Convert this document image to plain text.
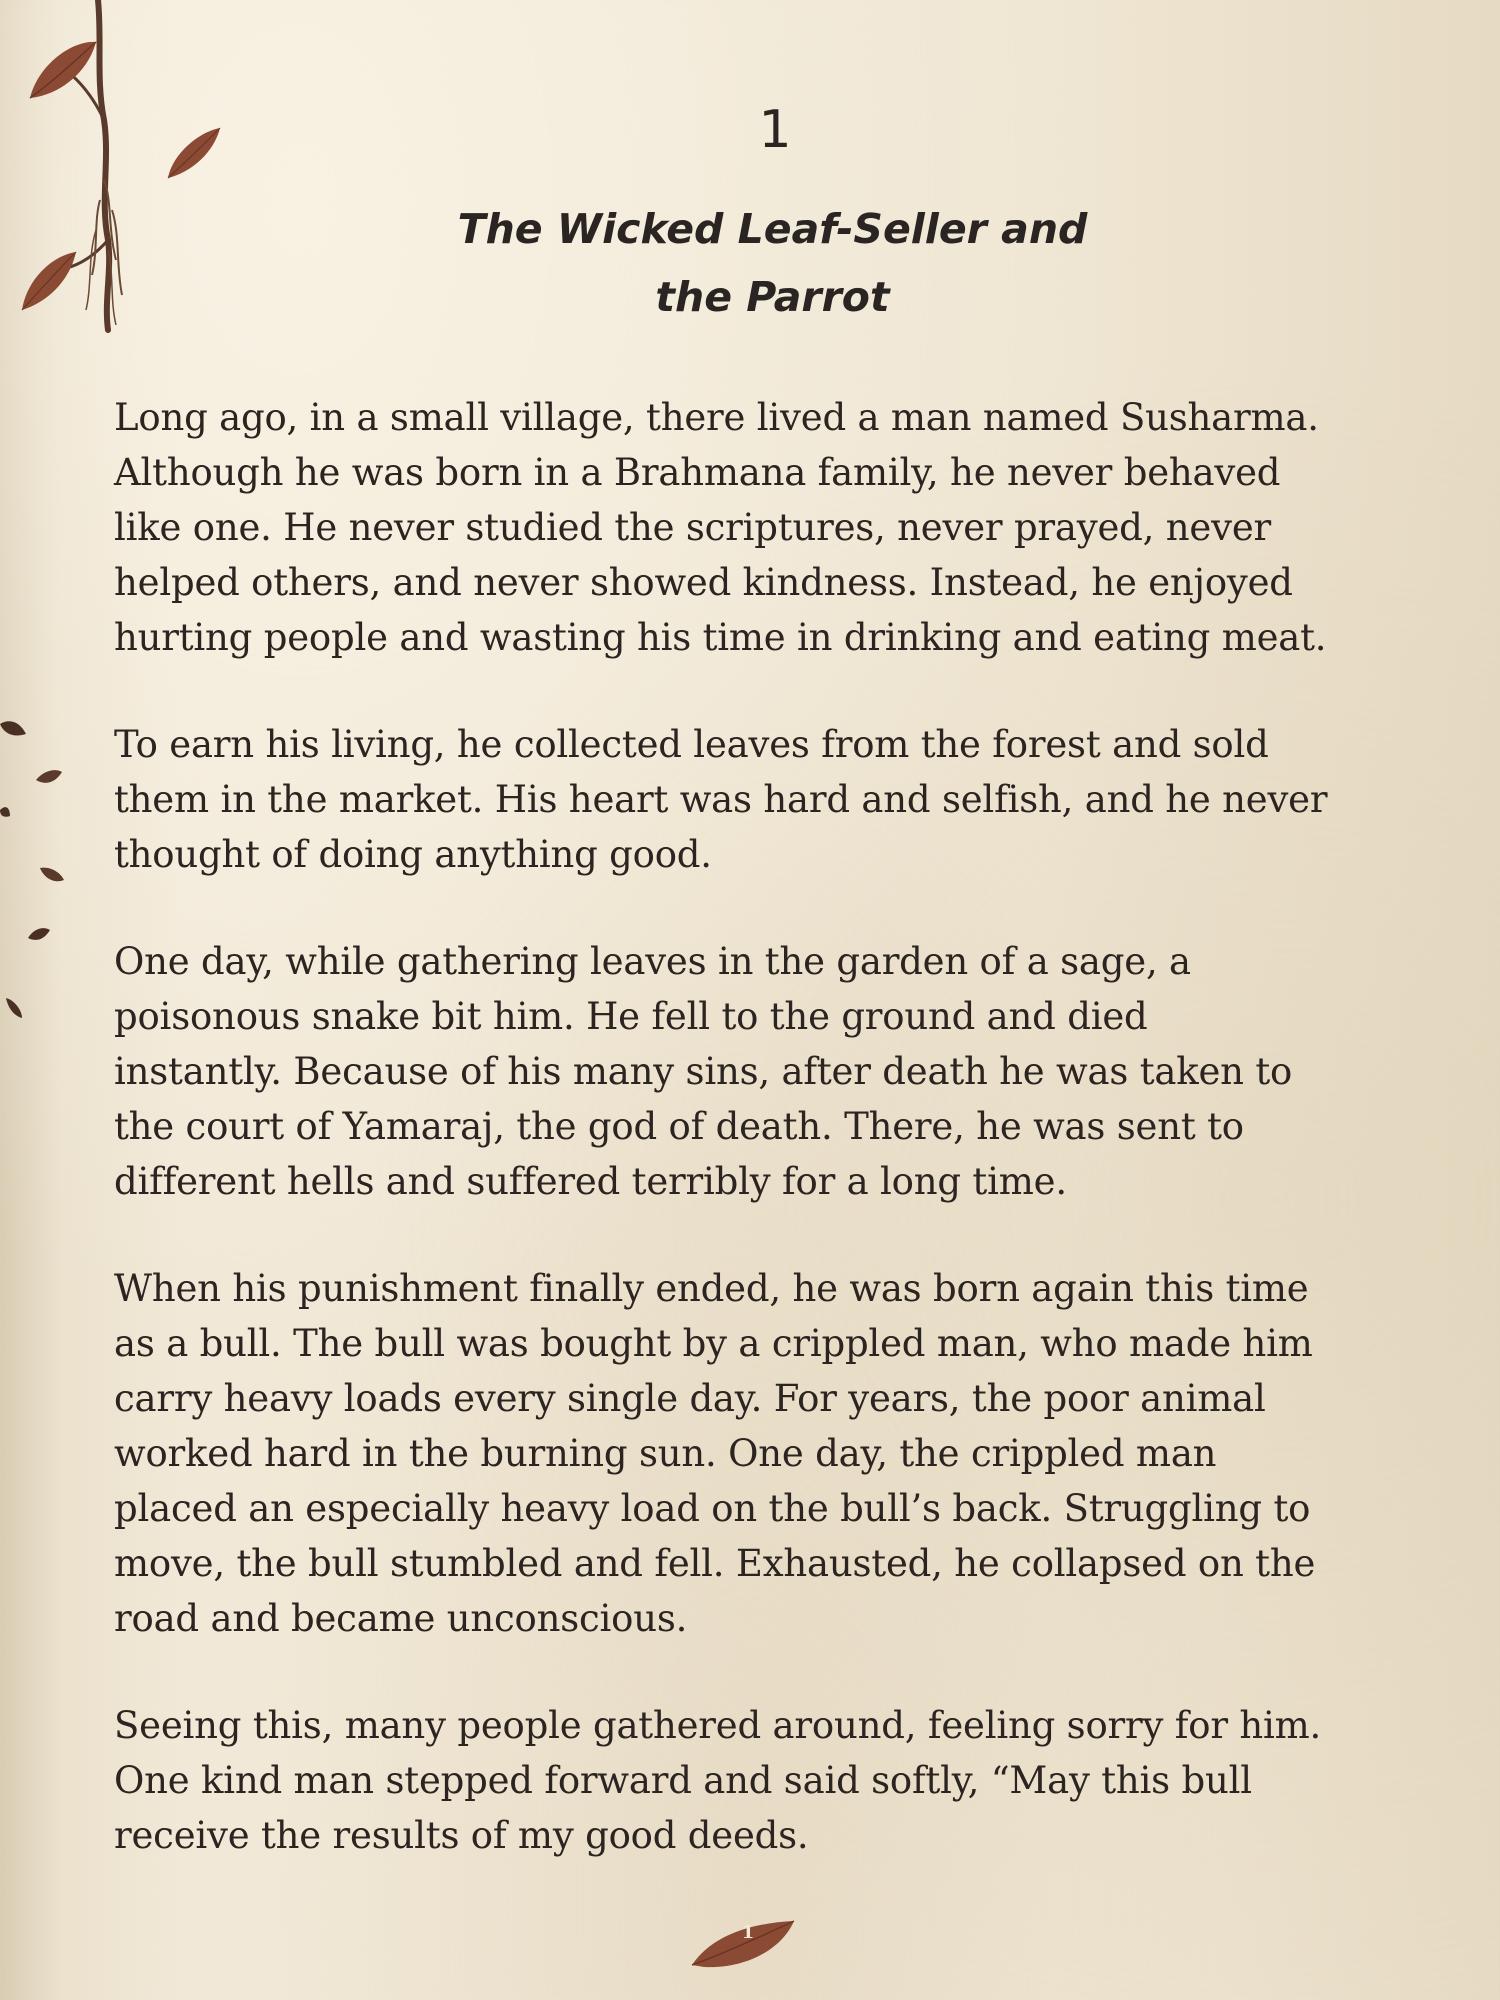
1
The Wicked Leaf-Seller and
the Parrot

Long ago, in a small village, there lived a man named Susharma.
Although he was born in a Brahmana family, he never behaved
like one. He never studied the scriptures, never prayed, never
helped others, and never showed kindness. Instead, he enjoyed
hurting people and wasting his time in drinking and eating meat.

To earn his living, he collected leaves from the forest and sold
them in the market. His heart was hard and selfish, and he never
thought of doing anything good.

One day, while gathering leaves in the garden of a sage, a
poisonous snake bit him. He fell to the ground and died
instantly. Because of his many sins, after death he was taken to
the court of Yamaraj, the god of death. There, he was sent to
different hells and suffered terribly for a long time.

When his punishment finally ended, he was born again this time
as a bull. The bull was bought by a crippled man, who made him
carry heavy loads every single day. For years, the poor animal
worked hard in the burning sun. One day, the crippled man
placed an especially heavy load on the bull’s back. Struggling to
move, the bull stumbled and fell. Exhausted, he collapsed on the
road and became unconscious.

Seeing this, many people gathered around, feeling sorry for him.
One kind man stepped forward and said softly, “May this bull
receive the results of my good deeds.

1
